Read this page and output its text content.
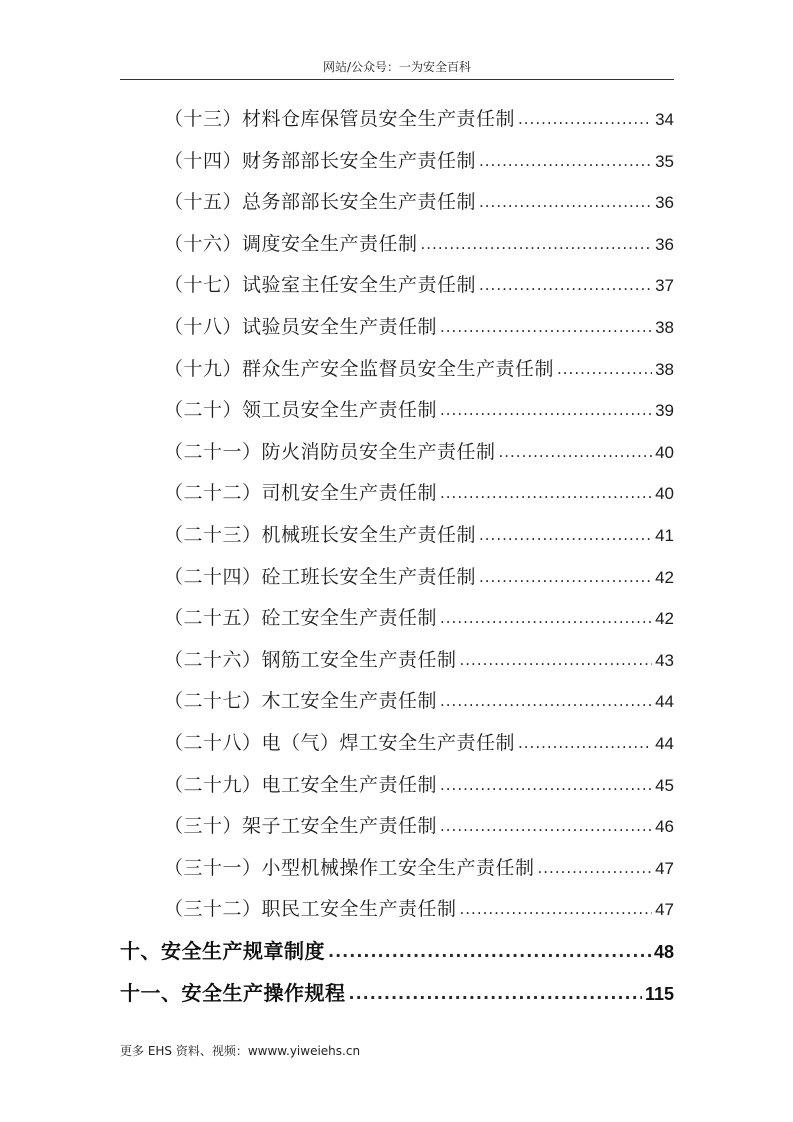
网站/公众号：一为安全百科
（十三）材料仓库保管员安全生产责任制 .....	34
（十四）财务部部长安全生产责任制 .....	35
（十五）总务部部长安全生产责任制 .....	36
（十六）调度安全生产责任制 .....	36
（十七）试验室主任安全生产责任制 .....	37
（十八）试验员安全生产责任制 .....	38
（十九）群众生产安全监督员安全生产责任制 .....	38
（二十）领工员安全生产责任制 .....	39
（二十一）防火消防员安全生产责任制 .....	40
（二十二）司机安全生产责任制 .....	40
（二十三）机械班长安全生产责任制 .....	41
（二十四）砼工班长安全生产责任制 .....	42
（二十五）砼工安全生产责任制 .....	42
（二十六）钢筋工安全生产责任制 .....	43
（二十七）木工安全生产责任制 .....	44
（二十八）电（气）焊工安全生产责任制 .....	44
（二十九）电工安全生产责任制 .....	45
（三十）架子工安全生产责任制 .....	46
（三十一）小型机械操作工安全生产责任制 .....	47
（三十二）职民工安全生产责任制 .....	47
十、安全生产规章制度 .....	48
十一、安全生产操作规程 .....	115
更多 EHS 资料、视频：wwww.yiweiehs.cn
